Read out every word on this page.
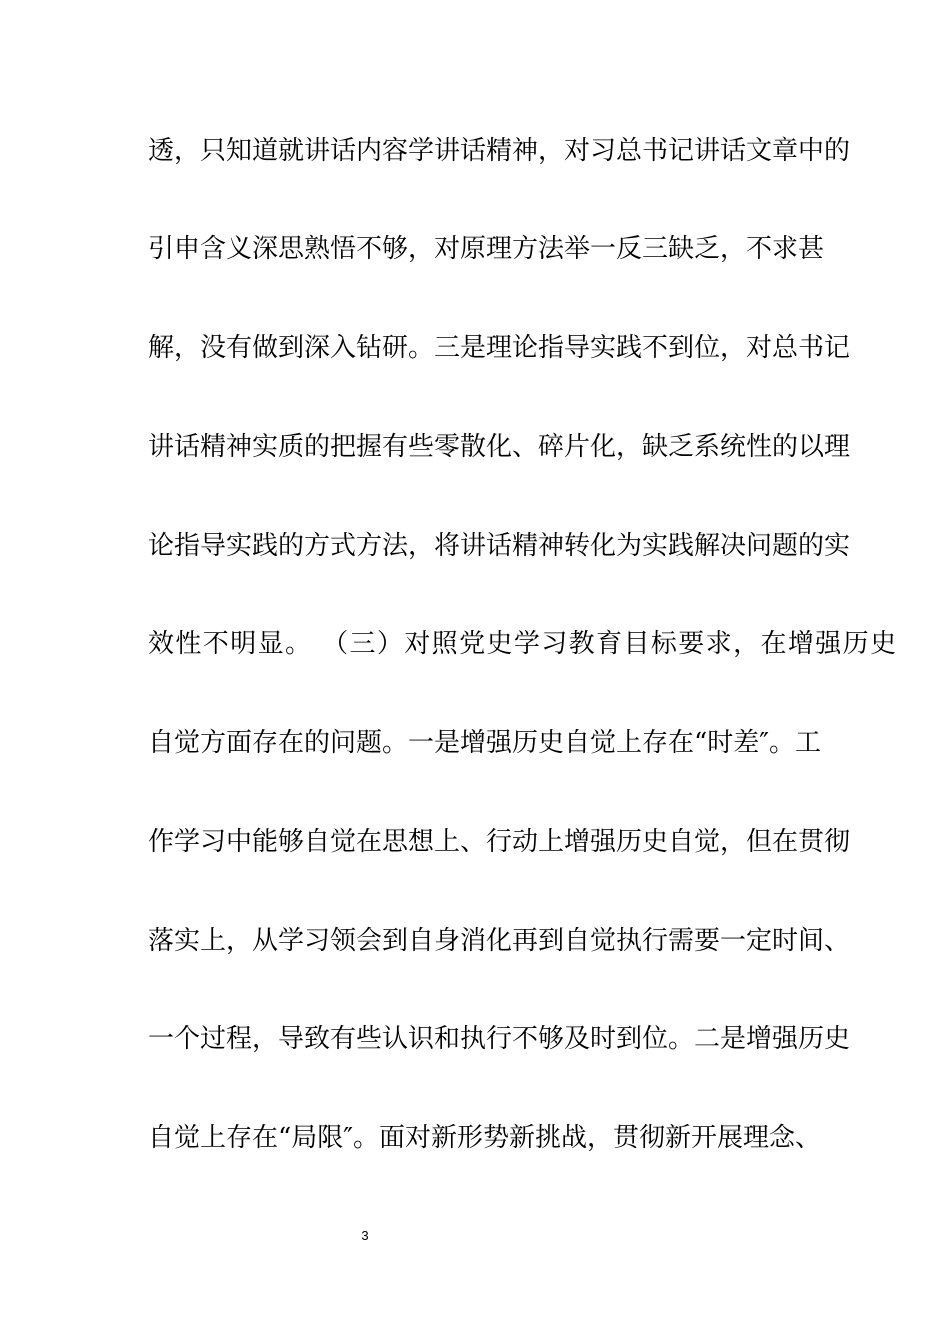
透，只知道就讲话内容学讲话精神，对习总书记讲话文章中的
引申含义深思熟悟不够，对原理方法举一反三缺乏，不求甚
解，没有做到深入钻研。三是理论指导实践不到位，对总书记
讲话精神实质的把握有些零散化、碎片化，缺乏系统性的以理
论指导实践的方式方法，将讲话精神转化为实践解决问题的实
效性不明显。 （三）对照党史学习教育目标要求，在增强历史
自觉方面存在的问题。一是增强历史自觉上存在“时差″。工
作学习中能够自觉在思想上、行动上增强历史自觉，但在贯彻
落实上，从学习领会到自身消化再到自觉执行需要一定时间、
一个过程，导致有些认识和执行不够及时到位。二是增强历史
自觉上存在“局限″。面对新形势新挑战，贯彻新开展理念、
3
